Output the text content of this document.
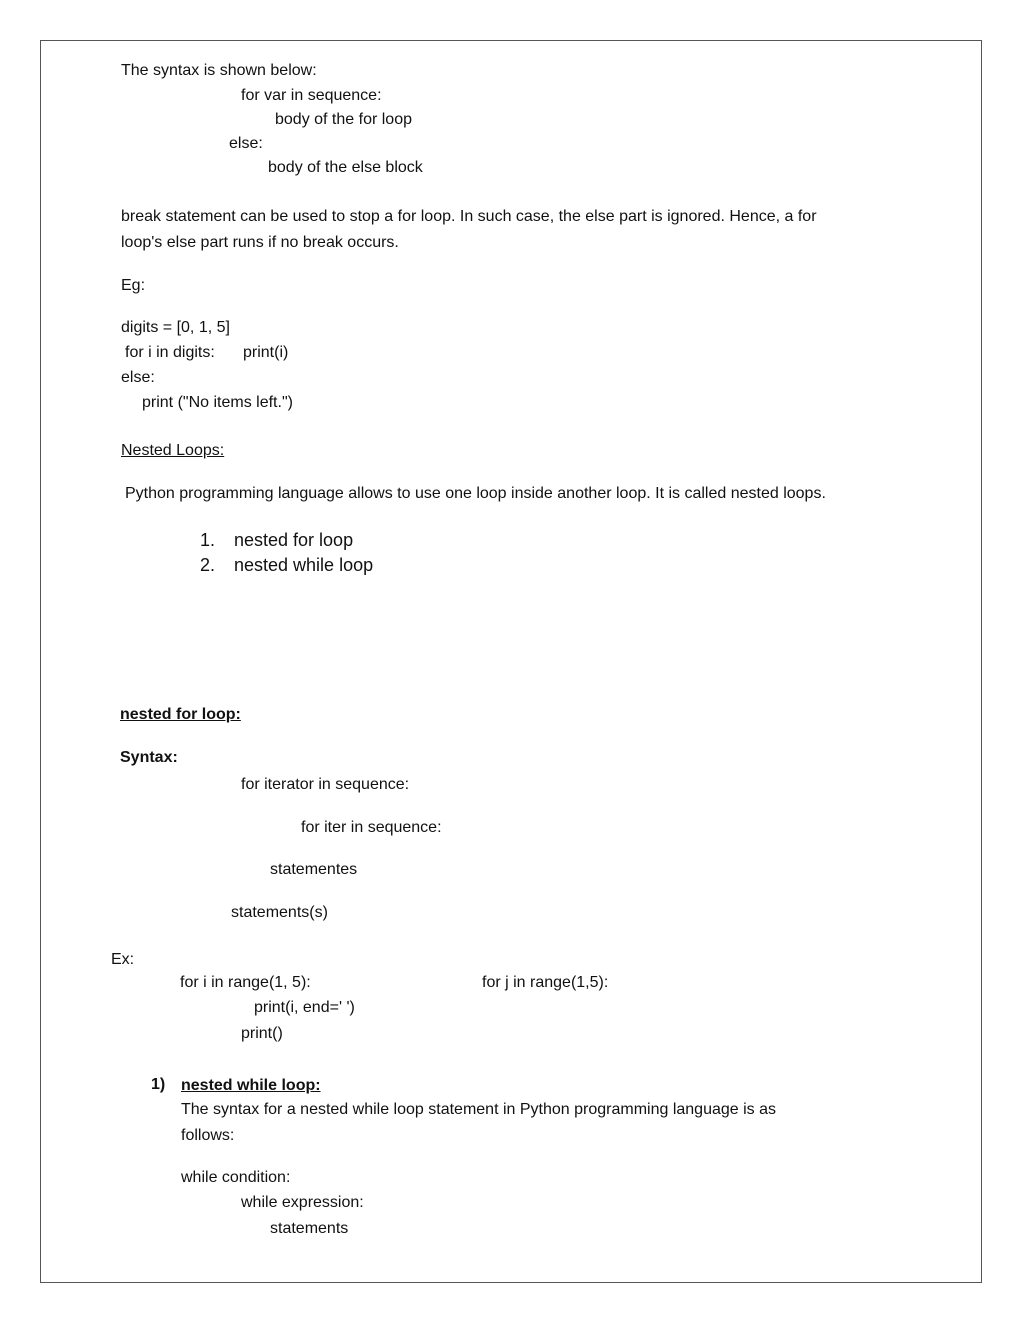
The syntax is shown below:
for var in sequence:
body of the for loop
else:
body of the else block
break statement can be used to stop a for loop. In such case, the else part is ignored. Hence, a for
loop's else part runs if no break occurs.
Eg:
digits = [0, 1, 5]
for i in digits: print(i)
else:
print ("No items left.")
Nested Loops:
Python programming language allows to use one loop inside another loop. It is called nested loops.
1. nested for loop
2. nested while loop
nested for loop:
Syntax:
for iterator in sequence:
for iter in sequence:
statementes
statements(s)
Ex:
for i in range(1, 5):	for j in range(1,5):
print(i, end=' ')
print()
1) nested while loop:
The syntax for a nested while loop statement in Python programming language is as
follows:
while condition:
while expression:
statements
